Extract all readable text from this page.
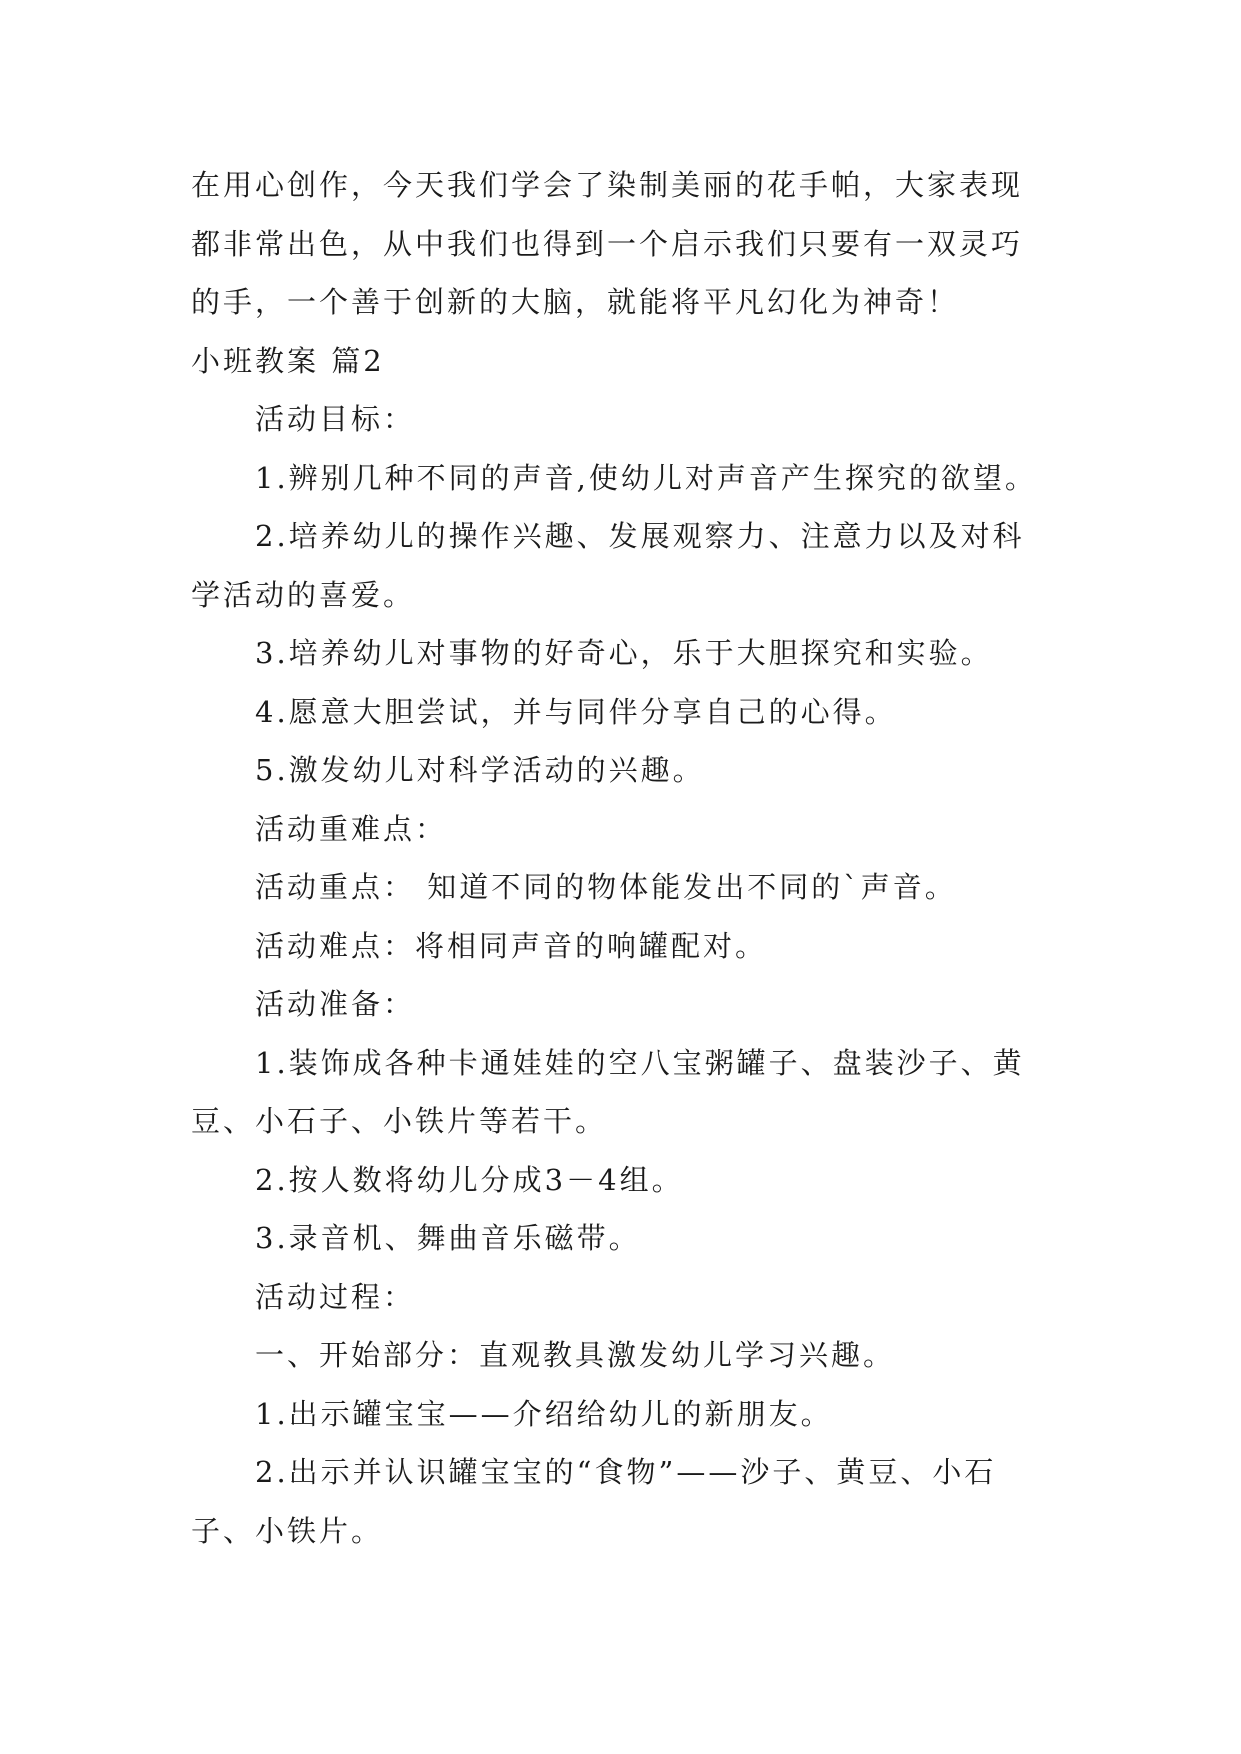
在用心创作，今天我们学会了染制美丽的花手帕，大家表现
都非常出色，从中我们也得到一个启示我们只要有一双灵巧
的手，一个善于创新的大脑，就能将平凡幻化为神奇！
小班教案 篇2
活动目标：
1.辨别几种不同的声音,使幼儿对声音产生探究的欲望。
2.培养幼儿的操作兴趣、发展观察力、注意力以及对科
学活动的喜爱。
3.培养幼儿对事物的好奇心，乐于大胆探究和实验。
4.愿意大胆尝试，并与同伴分享自己的心得。
5.激发幼儿对科学活动的兴趣。
活动重难点：
活动重点： 知道不同的物体能发出不同的`声音。
活动难点：将相同声音的响罐配对。
活动准备：
1.装饰成各种卡通娃娃的空八宝粥罐子、盘装沙子、黄
豆、小石子、小铁片等若干。
2.按人数将幼儿分成3－4组。
3.录音机、舞曲音乐磁带。
活动过程：
一、开始部分：直观教具激发幼儿学习兴趣。
1.出示罐宝宝——介绍给幼儿的新朋友。
2.出示并认识罐宝宝的“食物”——沙子、黄豆、小石
子、小铁片。
